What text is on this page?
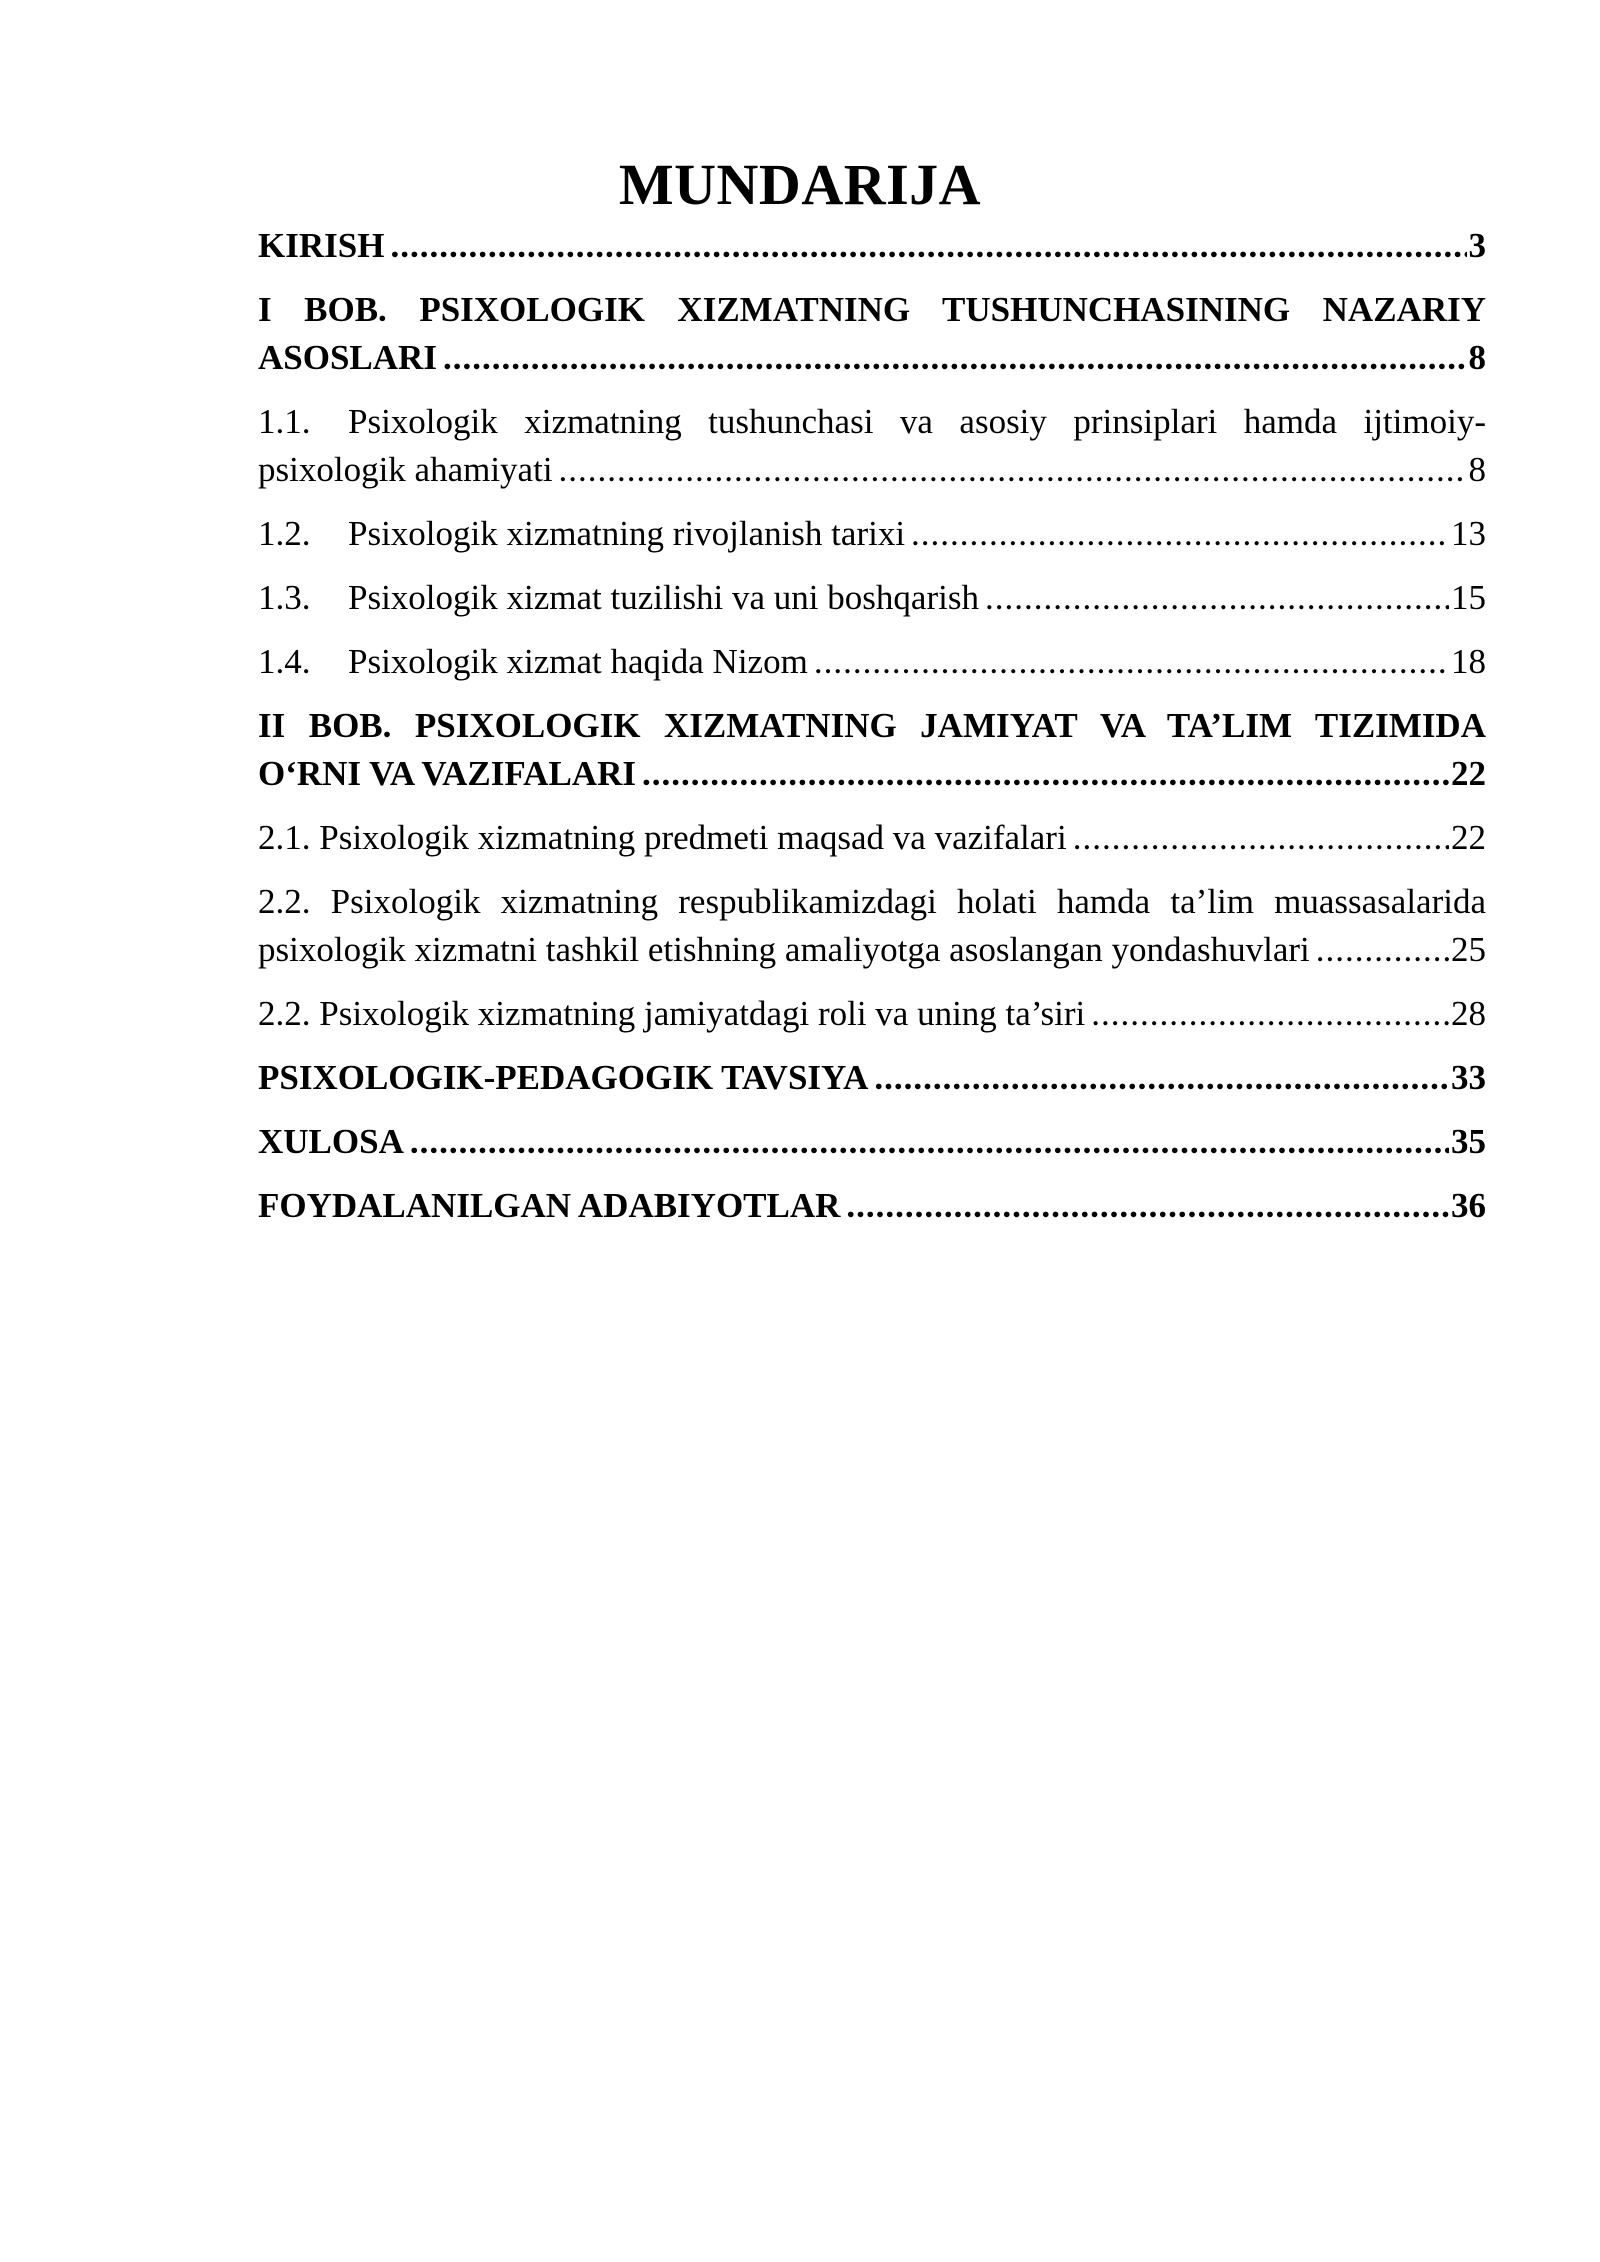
MUNDARIJA
KIRISH .....	3
I BOB. PSIXOLOGIK XIZMATNING TUSHUNCHASINING NAZARIY
ASOSLARI .....	8
1.1. Psixologik xizmatning tushunchasi va asosiy prinsiplari hamda ijtimoiy-
psixologik ahamiyati .....	8
1.2. Psixologik xizmatning rivojlanish tarixi .....	13
1.3. Psixologik xizmat tuzilishi va uni boshqarish .....	15
1.4. Psixologik xizmat haqida Nizom .....	18
II BOB. PSIXOLOGIK XIZMATNING JAMIYAT VA TA’LIM TIZIMIDA
O‘RNI VA VAZIFALARI .....	22
2.1. Psixologik xizmatning predmeti maqsad va vazifalari .....	22
2.2. Psixologik xizmatning respublikamizdagi holati hamda ta’lim muassasalarida
psixologik xizmatni tashkil etishning amaliyotga asoslangan yondashuvlari .....	25
2.2. Psixologik xizmatning jamiyatdagi roli va uning ta’siri .....	28
PSIXOLOGIK-PEDAGOGIK TAVSIYA .....	33
XULOSA .....	35
FOYDALANILGAN ADABIYOTLAR .....	36
